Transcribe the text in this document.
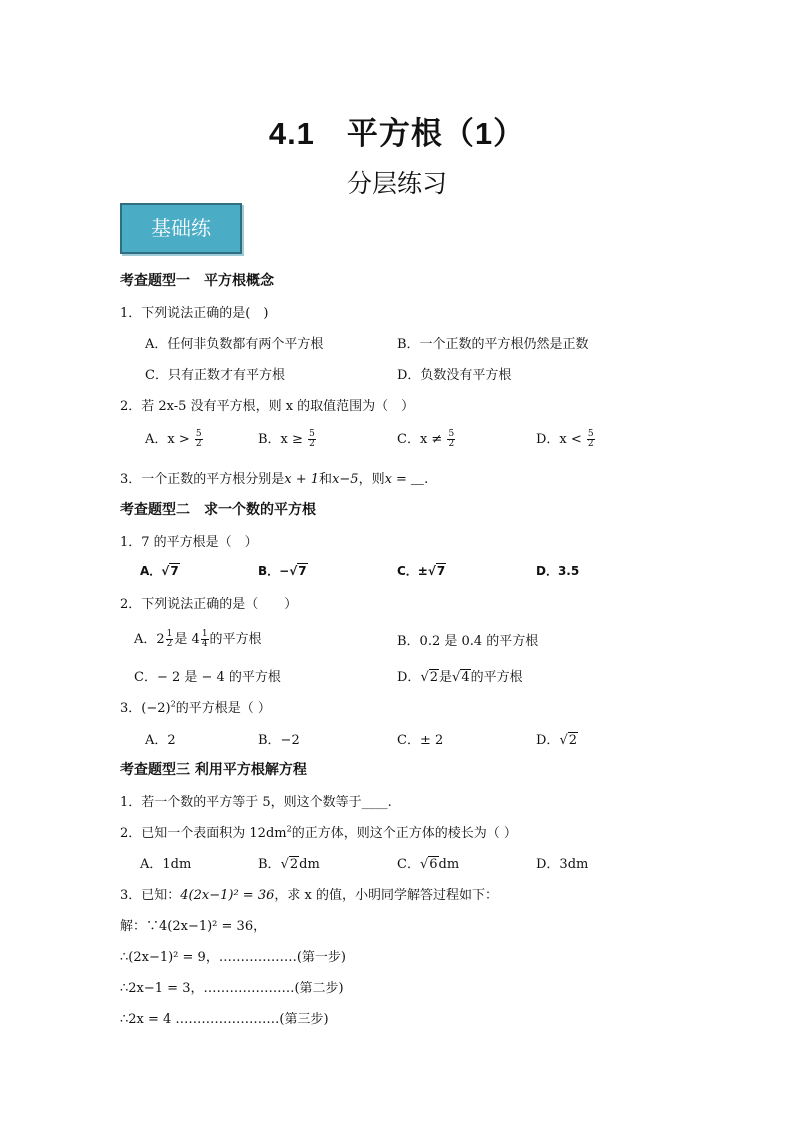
4.1　平方根（1）
分层练习
基础练
考查题型一　平方根概念
1．下列说法正确的是(　)
A．任何非负数都有两个平方根	B．一个正数的平方根仍然是正数
C．只有正数才有平方根	D．负数没有平方根
2．若 2x-5 没有平方根，则 x 的取值范围为（　）
A．$x > \frac{5}{2}$	B．$x \ge \frac{5}{2}$	C．$x \ne \frac{5}{2}$	D．$x < \frac{5}{2}$
3．一个正数的平方根分别是x + 1和x−5，则x = ＿.
考查题型二　求一个数的平方根
1．7 的平方根是（　）
A．√7	B．−√7	C．±√7	D．3.5
2．下列说法正确的是（　　）
A．$2 \frac{1}{2}$ 是 $4 \frac{1}{4}$ 的平方根	B．0.2 是 0.4 的平方根
C．− 2 是 − 4 的平方根	D．√2是√4的平方根
3．$(-2)^2$的平方根是（ ）
A．2	B．−2	C．± 2	D．√2
考查题型三 利用平方根解方程
1．若一个数的平方等于 5，则这个数等于____.
2．已知一个表面积为 $12dm^2$的正方体，则这个正方体的棱长为（ ）
A．1dm	B．√2dm	C．√6dm	D．3dm
3．已知：4(2x−1)² = 36，求 x 的值，小明同学解答过程如下：
解：∵4(2x−1)² = 36，
∴(2x−1)² = 9，………………(第一步)
∴2x−1 = 3，…………………(第二步)
∴2x = 4 ……………………(第三步)
